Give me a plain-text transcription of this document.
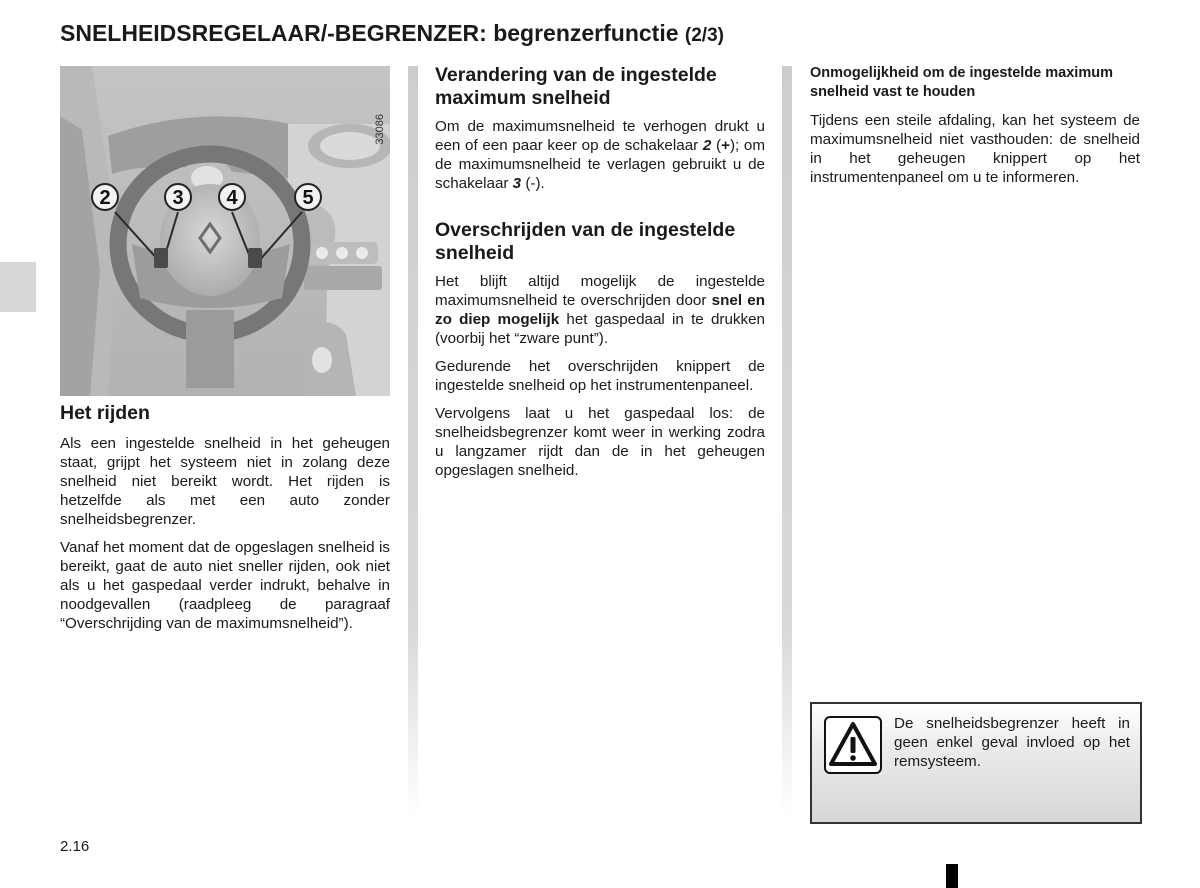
SNELHEIDSREGELAAR/-BEGRENZER: begrenzerfunctie (2/3)
2	3 4	5
33086
Het rijden

Als een ingestelde snelheid in het geheugen staat, grijpt het systeem niet in zolang deze snelheid niet bereikt wordt. Het rijden is hetzelfde als met een auto zonder snelheidsbegrenzer.

Vanaf het moment dat de opgeslagen snelheid is bereikt, gaat de auto niet sneller rijden, ook niet als u het gaspedaal verder indrukt, behalve in noodgevallen (raadpleeg de paragraaf “Overschrijding van de maximumsnelheid”).

Verandering van de ingestelde maximum snelheid

Om de maximumsnelheid te verhogen drukt u een of een paar keer op de schakelaar 2 (+); om de maximumsnelheid te verlagen gebruikt u de schakelaar 3 (-).

Overschrijden van de ingestelde snelheid

Het blijft altijd mogelijk de ingestelde maximumsnelheid te overschrijden door snel en zo diep mogelijk het gaspedaal in te drukken (voorbij het “zware punt”).

Gedurende het overschrijden knippert de ingestelde snelheid op het instrumentenpaneel.

Vervolgens laat u het gaspedaal los: de snelheidsbegrenzer komt weer in werking zodra u langzamer rijdt dan de in het geheugen opgeslagen snelheid.

Onmogelijkheid om de ingestelde maximum snelheid vast te houden

Tijdens een steile afdaling, kan het systeem de maximumsnelheid niet vasthouden: de snelheid in het geheugen knippert op het instrumentenpaneel om u te informeren.

De snelheidsbegrenzer heeft in geen enkel geval invloed op het remsysteem.
2.16
